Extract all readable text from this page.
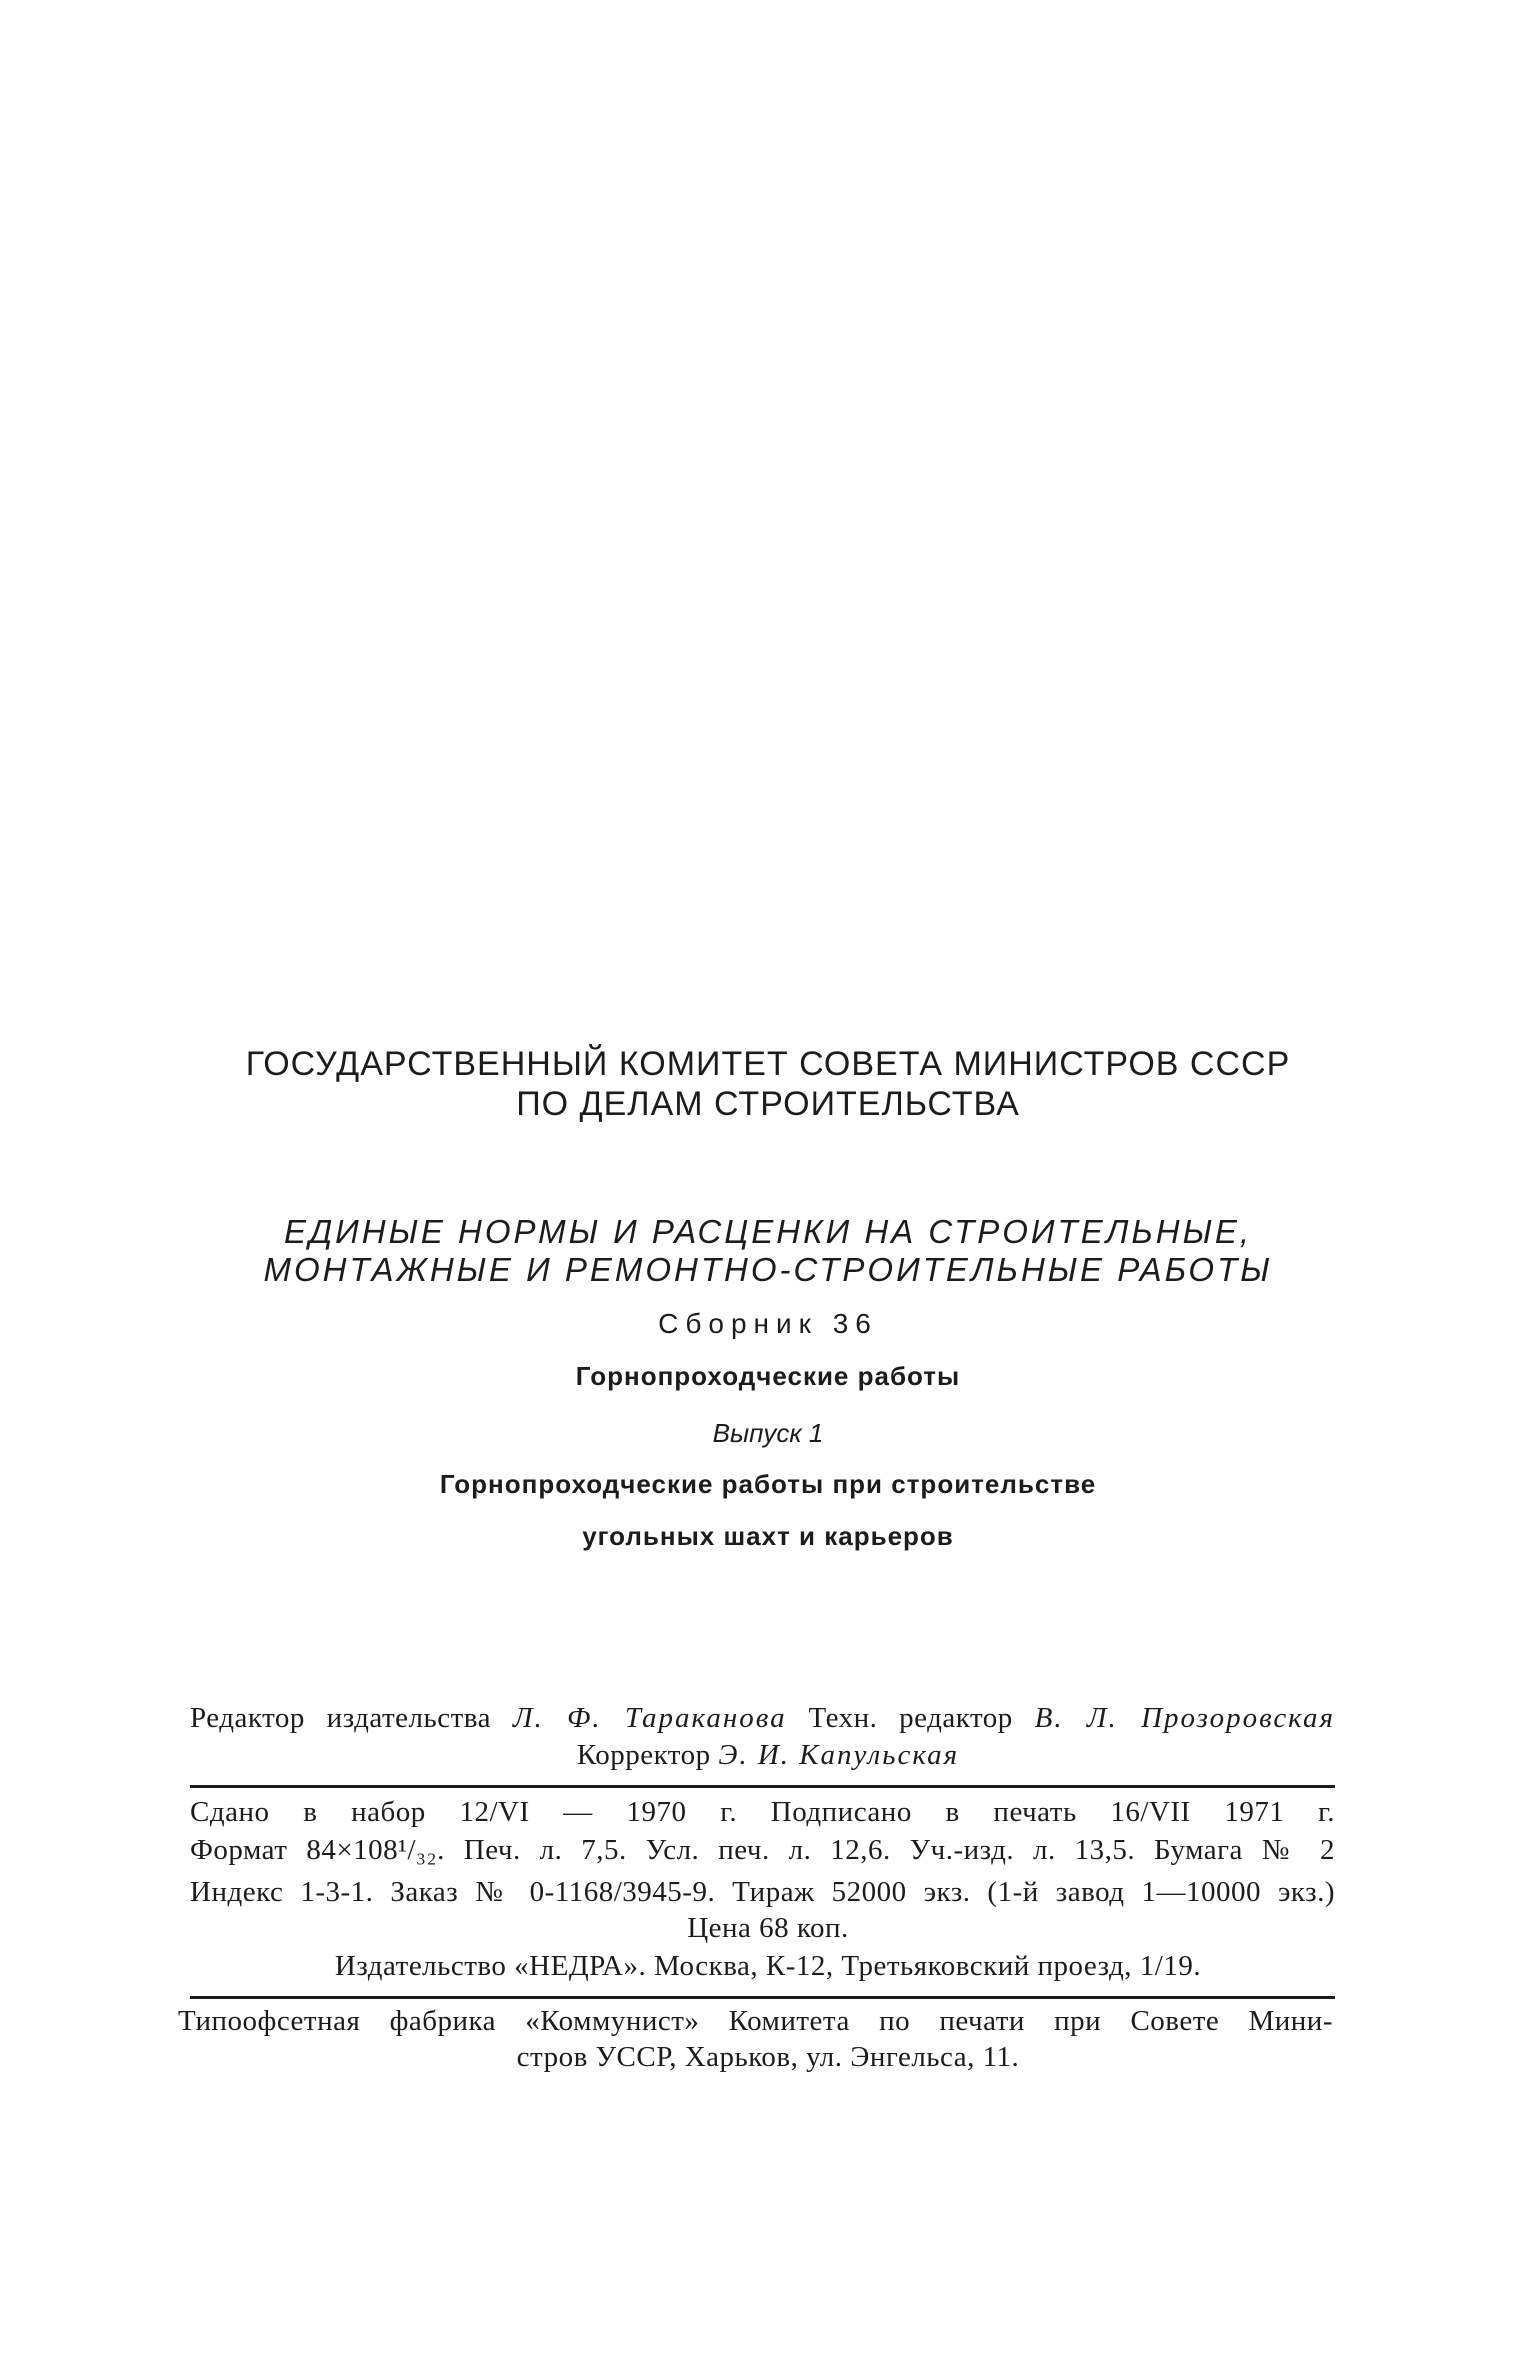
ГОСУДАРСТВЕННЫЙ КОМИТЕТ СОВЕТА МИНИСТРОВ СССР
ПО ДЕЛАМ СТРОИТЕЛЬСТВА
ЕДИНЫЕ НОРМЫ И РАСЦЕНКИ НА СТРОИТЕЛЬНЫЕ,
МОНТАЖНЫЕ И РЕМОНТНО-СТРОИТЕЛЬНЫЕ РАБОТЫ
Сборник 36
Горнопроходческие работы
Выпуск 1
Горнопроходческие работы при строительстве
угольных шахт и карьеров
Редактор издательства Л. Ф. Тараканова Техн. редактор В. Л. Прозоровская
Корректор Э. И. Капульская
Сдано в набор 12/VI — 1970 г. Подписано в печать 16/VII 1971 г.
Формат 84×108¹/₃₂. Печ. л. 7,5. Усл. печ. л. 12,6. Уч.-изд. л. 13,5. Бумага № 2
Индекс 1-3-1. Заказ № 0-1168/3945-9. Тираж 52000 экз. (1-й завод 1—10000 экз.)
Цена 68 коп.
Издательство «НЕДРА». Москва, К-12, Третьяковский проезд, 1/19.
Типоофсетная фабрика «Коммунист» Комитета по печати при Совете Мини-
стров УССР, Харьков, ул. Энгельса, 11.
